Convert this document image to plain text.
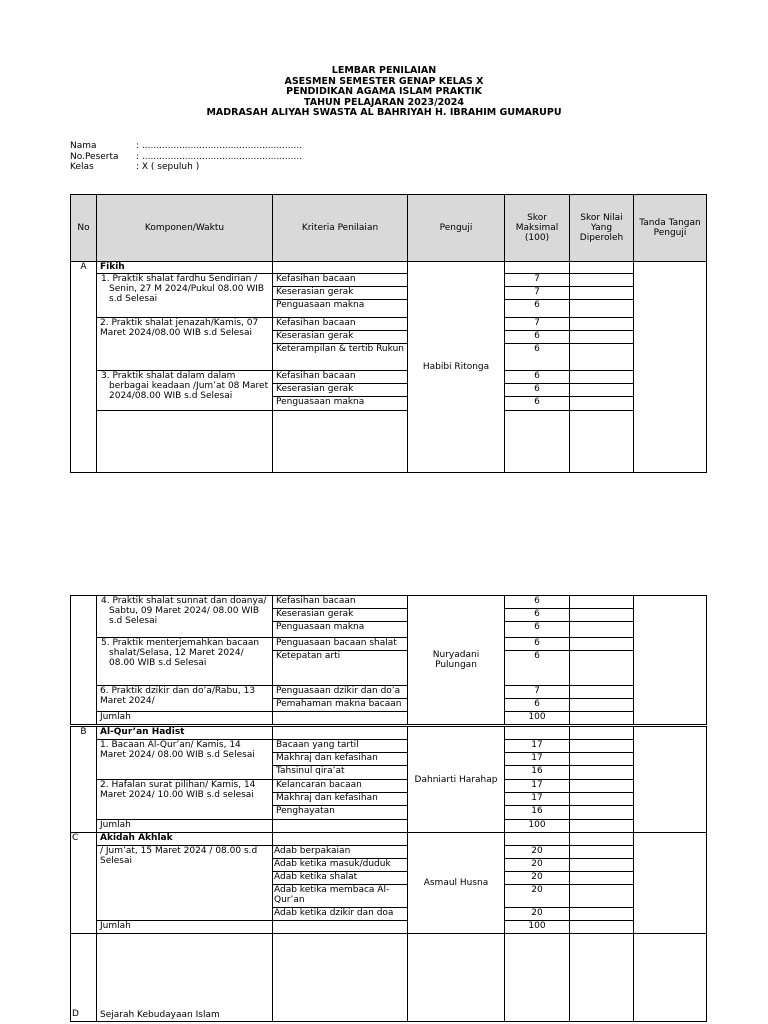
LEMBAR PENILAIAN
ASESMEN SEMESTER GENAP KELAS X
PENDIDIKAN AGAMA ISLAM PRAKTIK
TAHUN PELAJARAN 2023/2024
MADRASAH ALIYAH SWASTA AL BAHRIYAH H. IBRAHIM GUMARUPU
Nama	: ........................................................
No.Peserta	: ........................................................
Kelas	: X ( sepuluh )
No	Komponen/Waktu	Kriteria Penilaian	Penguji	Skor Maksimal (100)	Skor Nilai Yang Diperoleh	Tanda Tangan Penguji
A	Fikih		Habibi Ritonga			
	1. Praktik shalat fardhu Sendirian / Senin, 27 M 2024/Pukul 08.00 WIB s.d Selesai	Kefasihan bacaan		7		
		Keserasian gerak		7		
		Penguasaan makna		6		
	2. Praktik shalat jenazah/Kamis, 07 Maret 2024/08.00 WIB s.d Selesai	Kefasihan bacaan		7		
		Keserasian gerak		6		
		Keterampilan & tertib Rukun		6		
	3. Praktik shalat dalam dalam berbagai keadaan /Jum’at 08 Maret 2024/08.00 WIB s.d Selesai	Kefasihan bacaan		6		
		Keserasian gerak		6		
		Penguasaan makna		6		

	4. Praktik shalat sunnat dan doanya/ Sabtu, 09 Maret 2024/ 08.00 WIB s.d Selesai	Kefasihan bacaan	Nuryadani Pulungan	6		
		Keserasian gerak		6		
		Penguasaan makna		6		
	5. Praktik menterjemahkan bacaan shalat/Selasa, 12 Maret 2024/ 08.00 WIB s.d Selesai	Penguasaan bacaan shalat		6		
		Ketepatan arti		6		
	6. Praktik dzikir dan do’a/Rabu, 13 Maret 2024/	Penguasaan dzikir dan do’a		7		
		Pemahaman makna bacaan		6		
	Jumlah			100		
B	Al-Qur’an Hadist		Dahniarti Harahap			
	1. Bacaan Al-Qur’an/ Kamis, 14 Maret 2024/ 08.00 WIB s.d Selesai	Bacaan yang tartil		17		
		Makhraj dan kefasihan		17		
		Tahsinul qira’at		16		
	2. Hafalan surat pilihan/ Kamis, 14 Maret 2024/ 10.00 WIB s.d selesai	Kelancaran bacaan		17		
		Makhraj dan kefasihan		17		
		Penghayatan		16		
	Jumlah			100		
C	Akidah Akhlak		Asmaul Husna			
	/ Jum’at, 15 Maret 2024 / 08.00 s.d Selesai	Adab berpakaian		20		
		Adab ketika masuk/duduk		20		
		Adab ketika shalat		20		
		Adab ketika membaca Al-Qur’an		20		
		Adab ketika dzikir dan doa		20		
	Jumlah			100		
D	Sejarah Kebudayaan Islam					
